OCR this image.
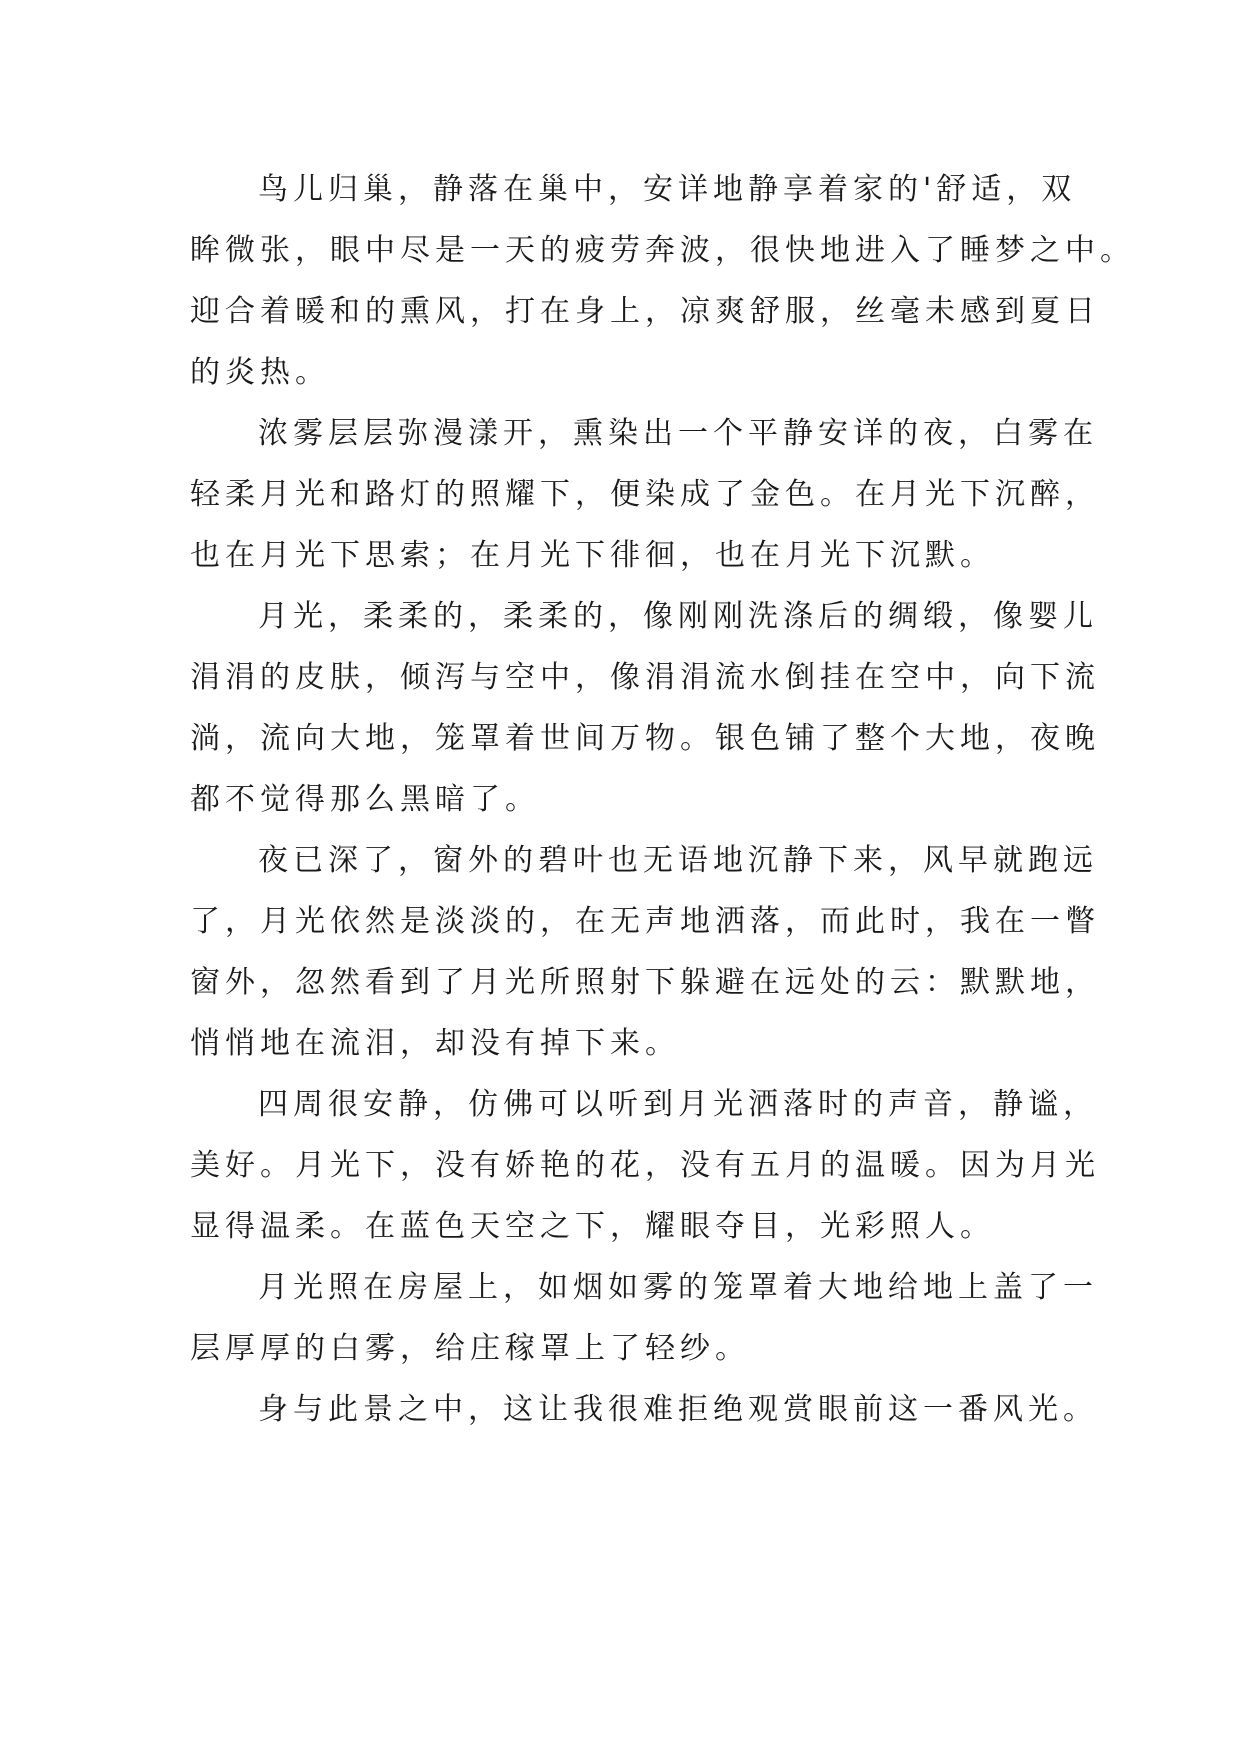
鸟儿归巢，静落在巢中，安详地静享着家的'舒适，双
眸微张，眼中尽是一天的疲劳奔波，很快地进入了睡梦之中。
迎合着暖和的熏风，打在身上，凉爽舒服，丝毫未感到夏日
的炎热。
浓雾层层弥漫漾开，熏染出一个平静安详的夜，白雾在
轻柔月光和路灯的照耀下，便染成了金色。在月光下沉醉，
也在月光下思索；在月光下徘徊，也在月光下沉默。
月光，柔柔的，柔柔的，像刚刚洗涤后的绸缎，像婴儿
涓涓的皮肤，倾泻与空中，像涓涓流水倒挂在空中，向下流
淌，流向大地，笼罩着世间万物。银色铺了整个大地，夜晚
都不觉得那么黑暗了。
夜已深了，窗外的碧叶也无语地沉静下来，风早就跑远
了，月光依然是淡淡的，在无声地洒落，而此时，我在一瞥
窗外，忽然看到了月光所照射下躲避在远处的云：默默地，
悄悄地在流泪，却没有掉下来。
四周很安静，仿佛可以听到月光洒落时的声音，静谧，
美好。月光下，没有娇艳的花，没有五月的温暖。因为月光
显得温柔。在蓝色天空之下，耀眼夺目，光彩照人。
月光照在房屋上，如烟如雾的笼罩着大地给地上盖了一
层厚厚的白雾，给庄稼罩上了轻纱。
身与此景之中，这让我很难拒绝观赏眼前这一番风光。
